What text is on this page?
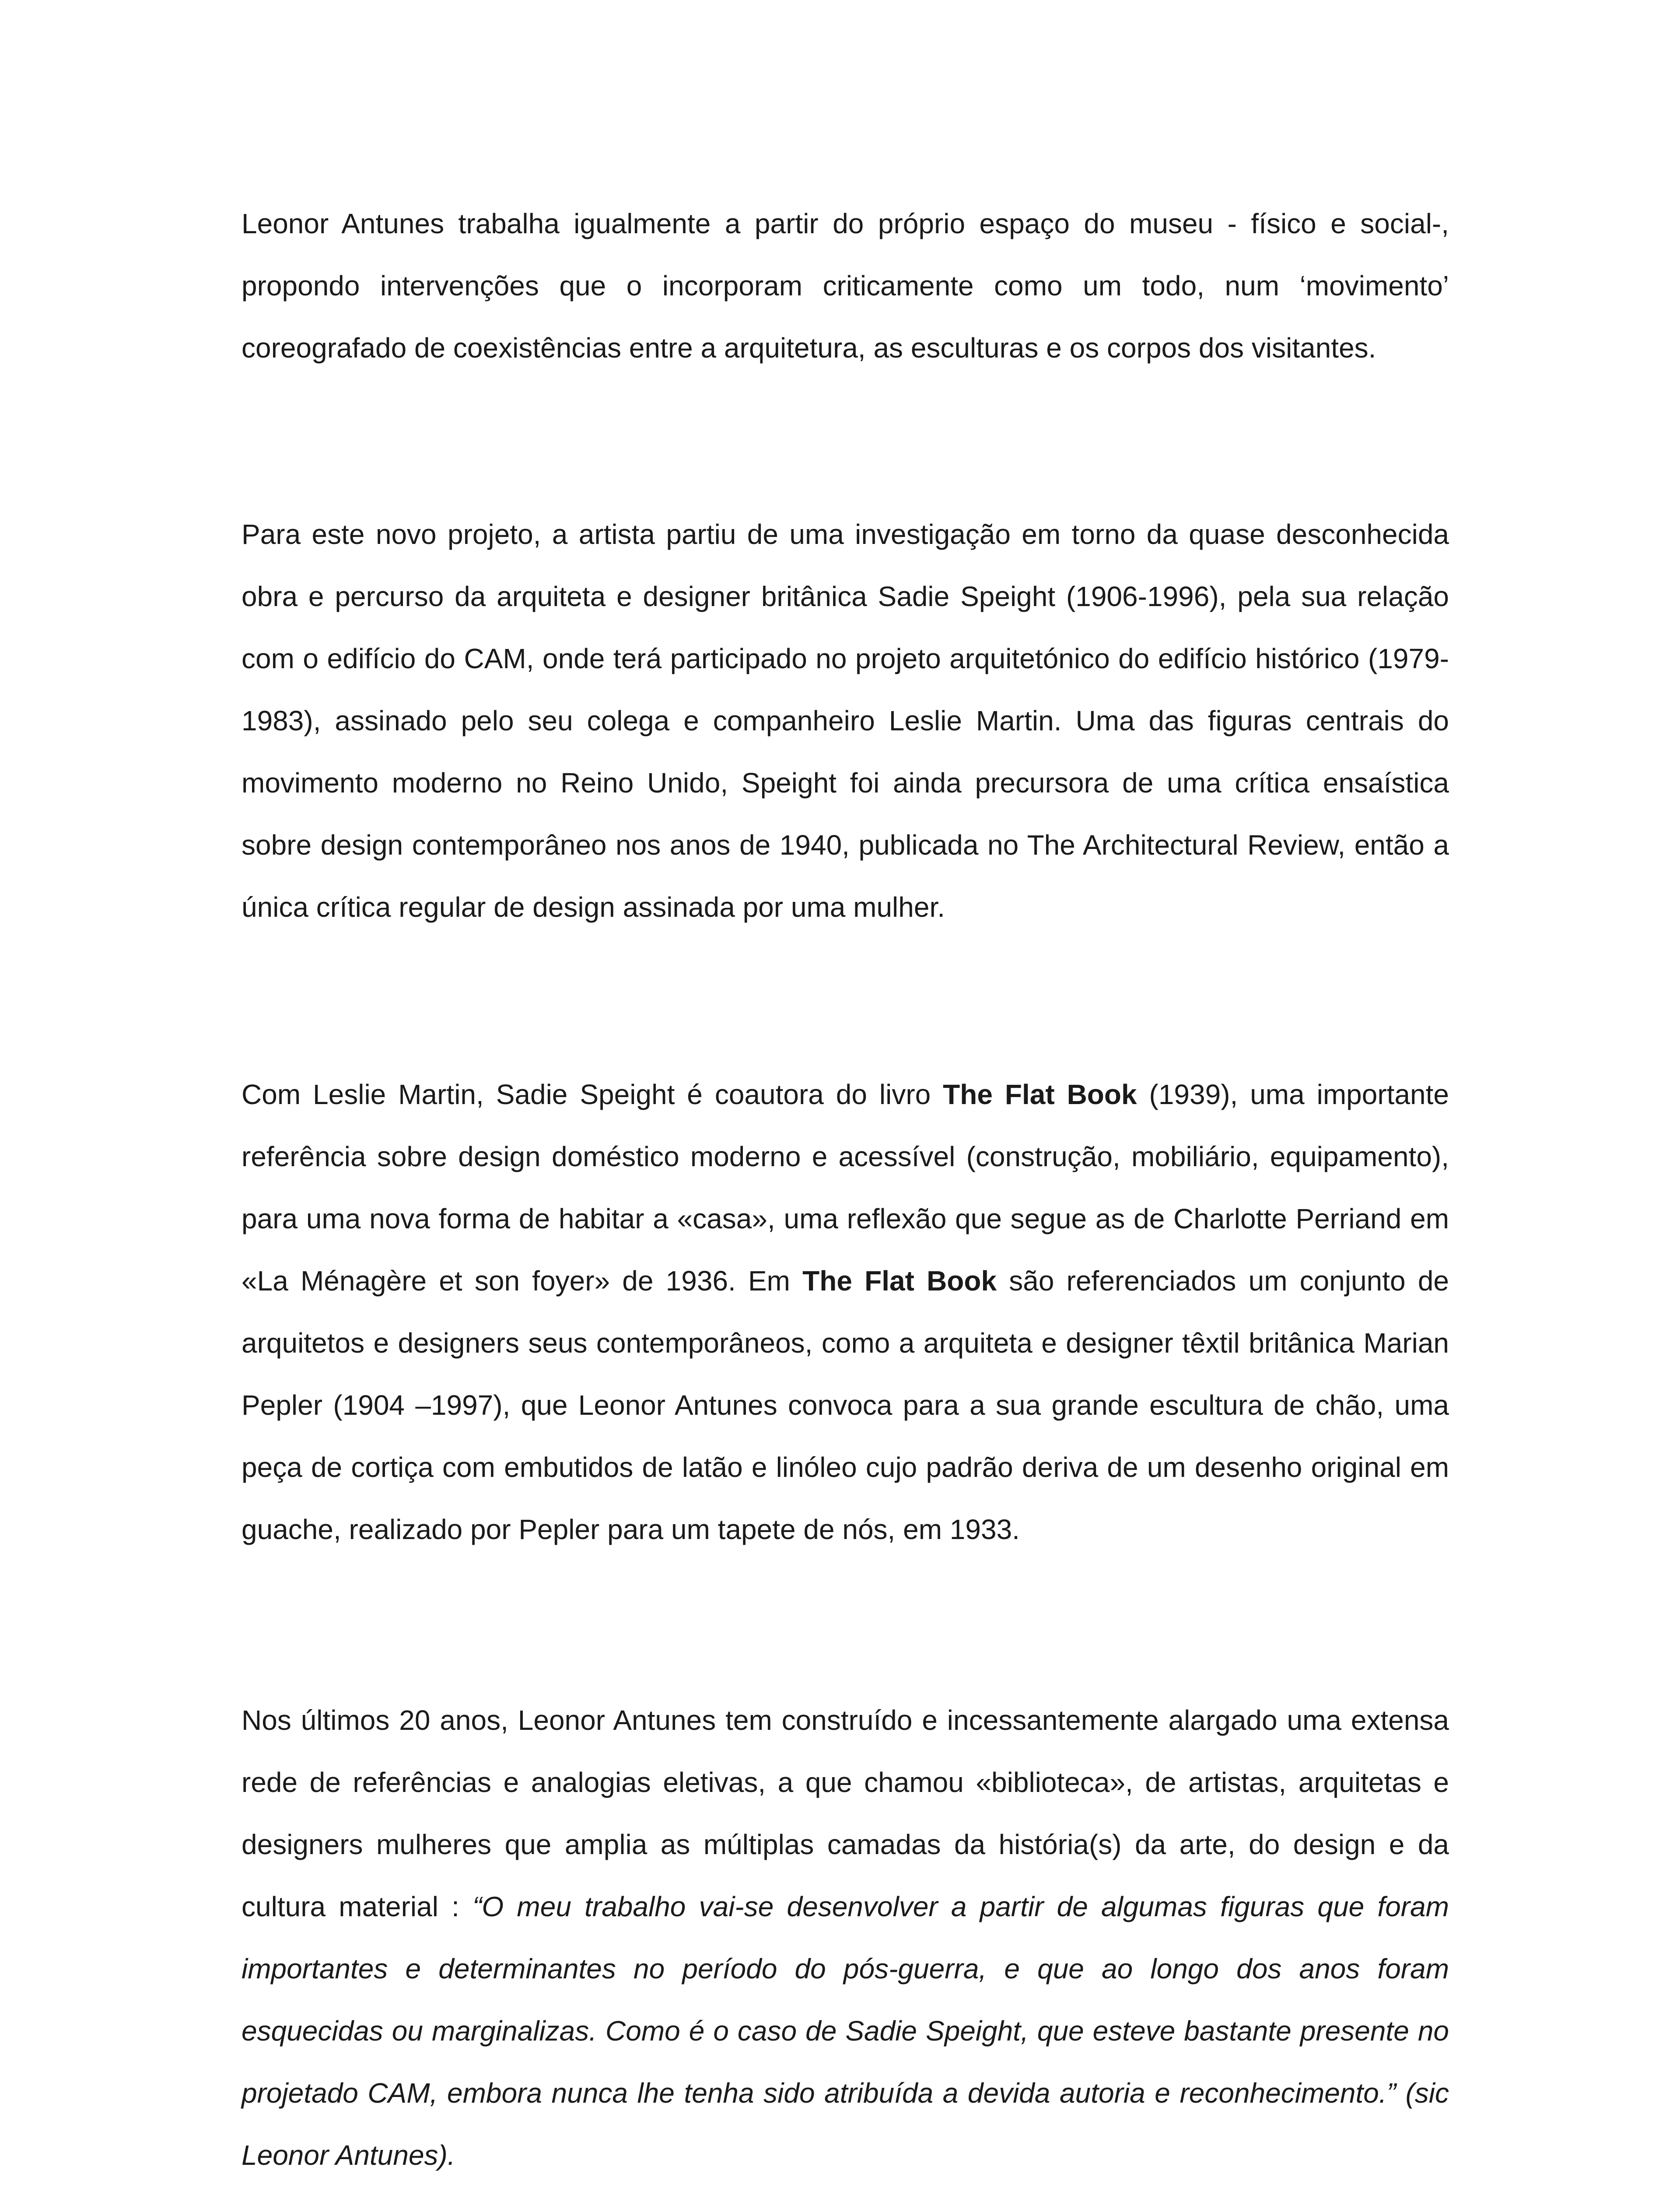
Leonor Antunes trabalha igualmente a partir do próprio espaço do museu - físico e social-, propondo intervenções que o incorporam criticamente como um todo, num ‘movimento’ coreografado de coexistências entre a arquitetura, as esculturas e os corpos dos visitantes.

Para este novo projeto, a artista partiu de uma investigação em torno da quase desconhecida obra e percurso da arquiteta e designer britânica Sadie Speight (1906-1996), pela sua relação com o edifício do CAM, onde terá participado no projeto arquitetónico do edifício histórico (1979-1983), assinado pelo seu colega e companheiro Leslie Martin. Uma das figuras centrais do movimento moderno no Reino Unido, Speight foi ainda precursora de uma crítica ensaística sobre design contemporâneo nos anos de 1940, publicada no The Architectural Review, então a única crítica regular de design assinada por uma mulher.

Com Leslie Martin, Sadie Speight é coautora do livro The Flat Book (1939), uma importante referência sobre design doméstico moderno e acessível (construção, mobiliário, equipamento), para uma nova forma de habitar a «casa», uma reflexão que segue as de Charlotte Perriand em «La Ménagère et son foyer» de 1936. Em The Flat Book são referenciados um conjunto de arquitetos e designers seus contemporâneos, como a arquiteta e designer têxtil britânica Marian Pepler (1904 –1997), que Leonor Antunes convoca para a sua grande escultura de chão, uma peça de cortiça com embutidos de latão e linóleo cujo padrão deriva de um desenho original em guache, realizado por Pepler para um tapete de nós, em 1933.

Nos últimos 20 anos, Leonor Antunes tem construído e incessantemente alargado uma extensa rede de referências e analogias eletivas, a que chamou «biblioteca», de artistas, arquitetas e designers mulheres que amplia as múltiplas camadas da história(s) da arte, do design e da cultura material : “O meu trabalho vai-se desenvolver a partir de algumas figuras que foram importantes e determinantes no período do pós-guerra, e que ao longo dos anos foram esquecidas ou marginalizas. Como é o caso de Sadie Speight, que esteve bastante presente no projetado CAM, embora nunca lhe tenha sido atribuída a devida autoria e reconhecimento.” (sic Leonor Antunes).
